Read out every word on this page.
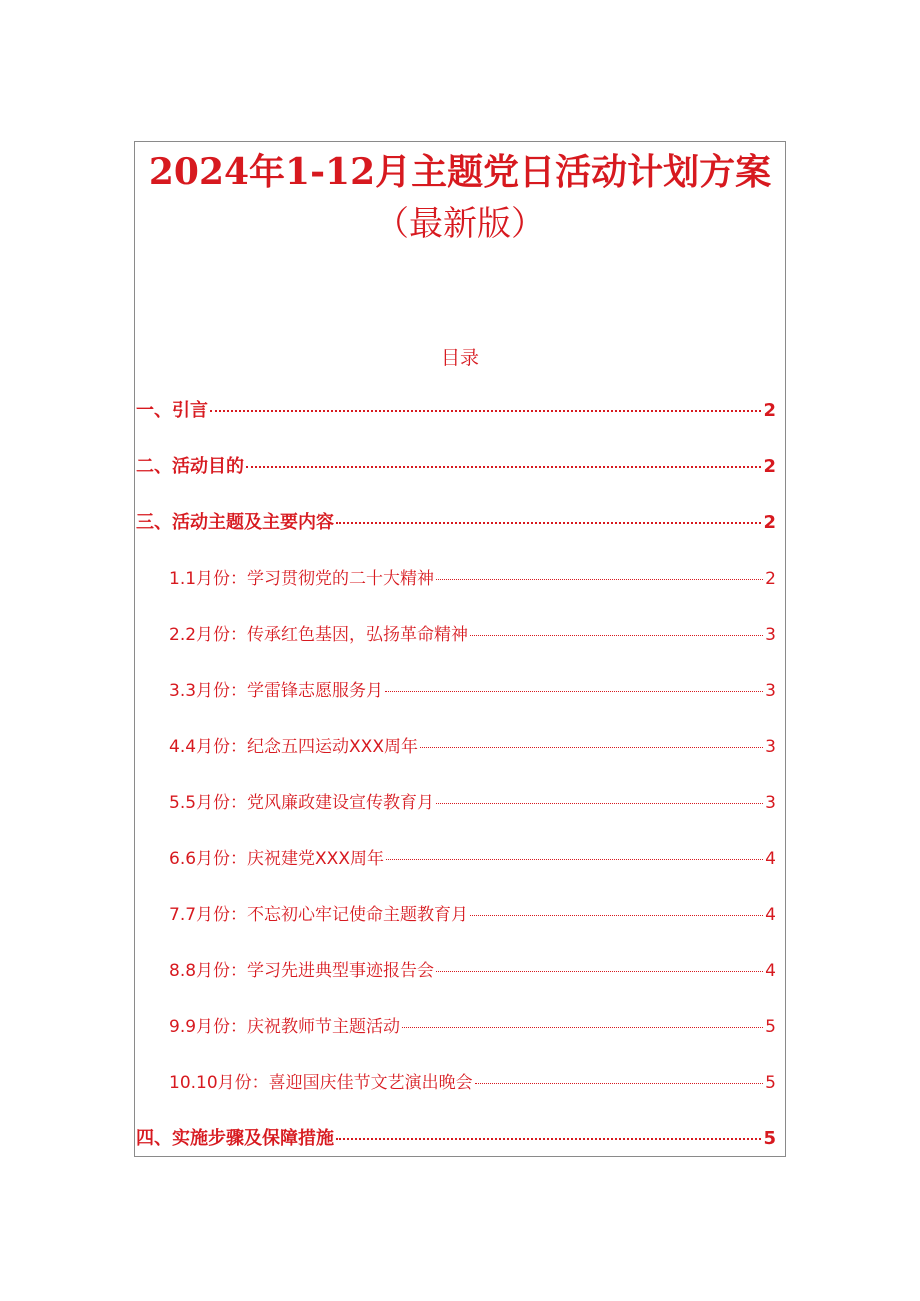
2024年1-12月主题党日活动计划方案
（最新版）
目录
一、引言	2
二、活动目的	2
三、活动主题及主要内容	2
1.1月份：学习贯彻党的二十大精神	2
2.2月份：传承红色基因，弘扬革命精神	3
3.3月份：学雷锋志愿服务月	3
4.4月份：纪念五四运动XXX周年	3
5.5月份：党风廉政建设宣传教育月	3
6.6月份：庆祝建党XXX周年	4
7.7月份：不忘初心牢记使命主题教育月	4
8.8月份：学习先进典型事迹报告会	4
9.9月份：庆祝教师节主题活动	5
10.10月份：喜迎国庆佳节文艺演出晚会	5
四、实施步骤及保障措施	5
